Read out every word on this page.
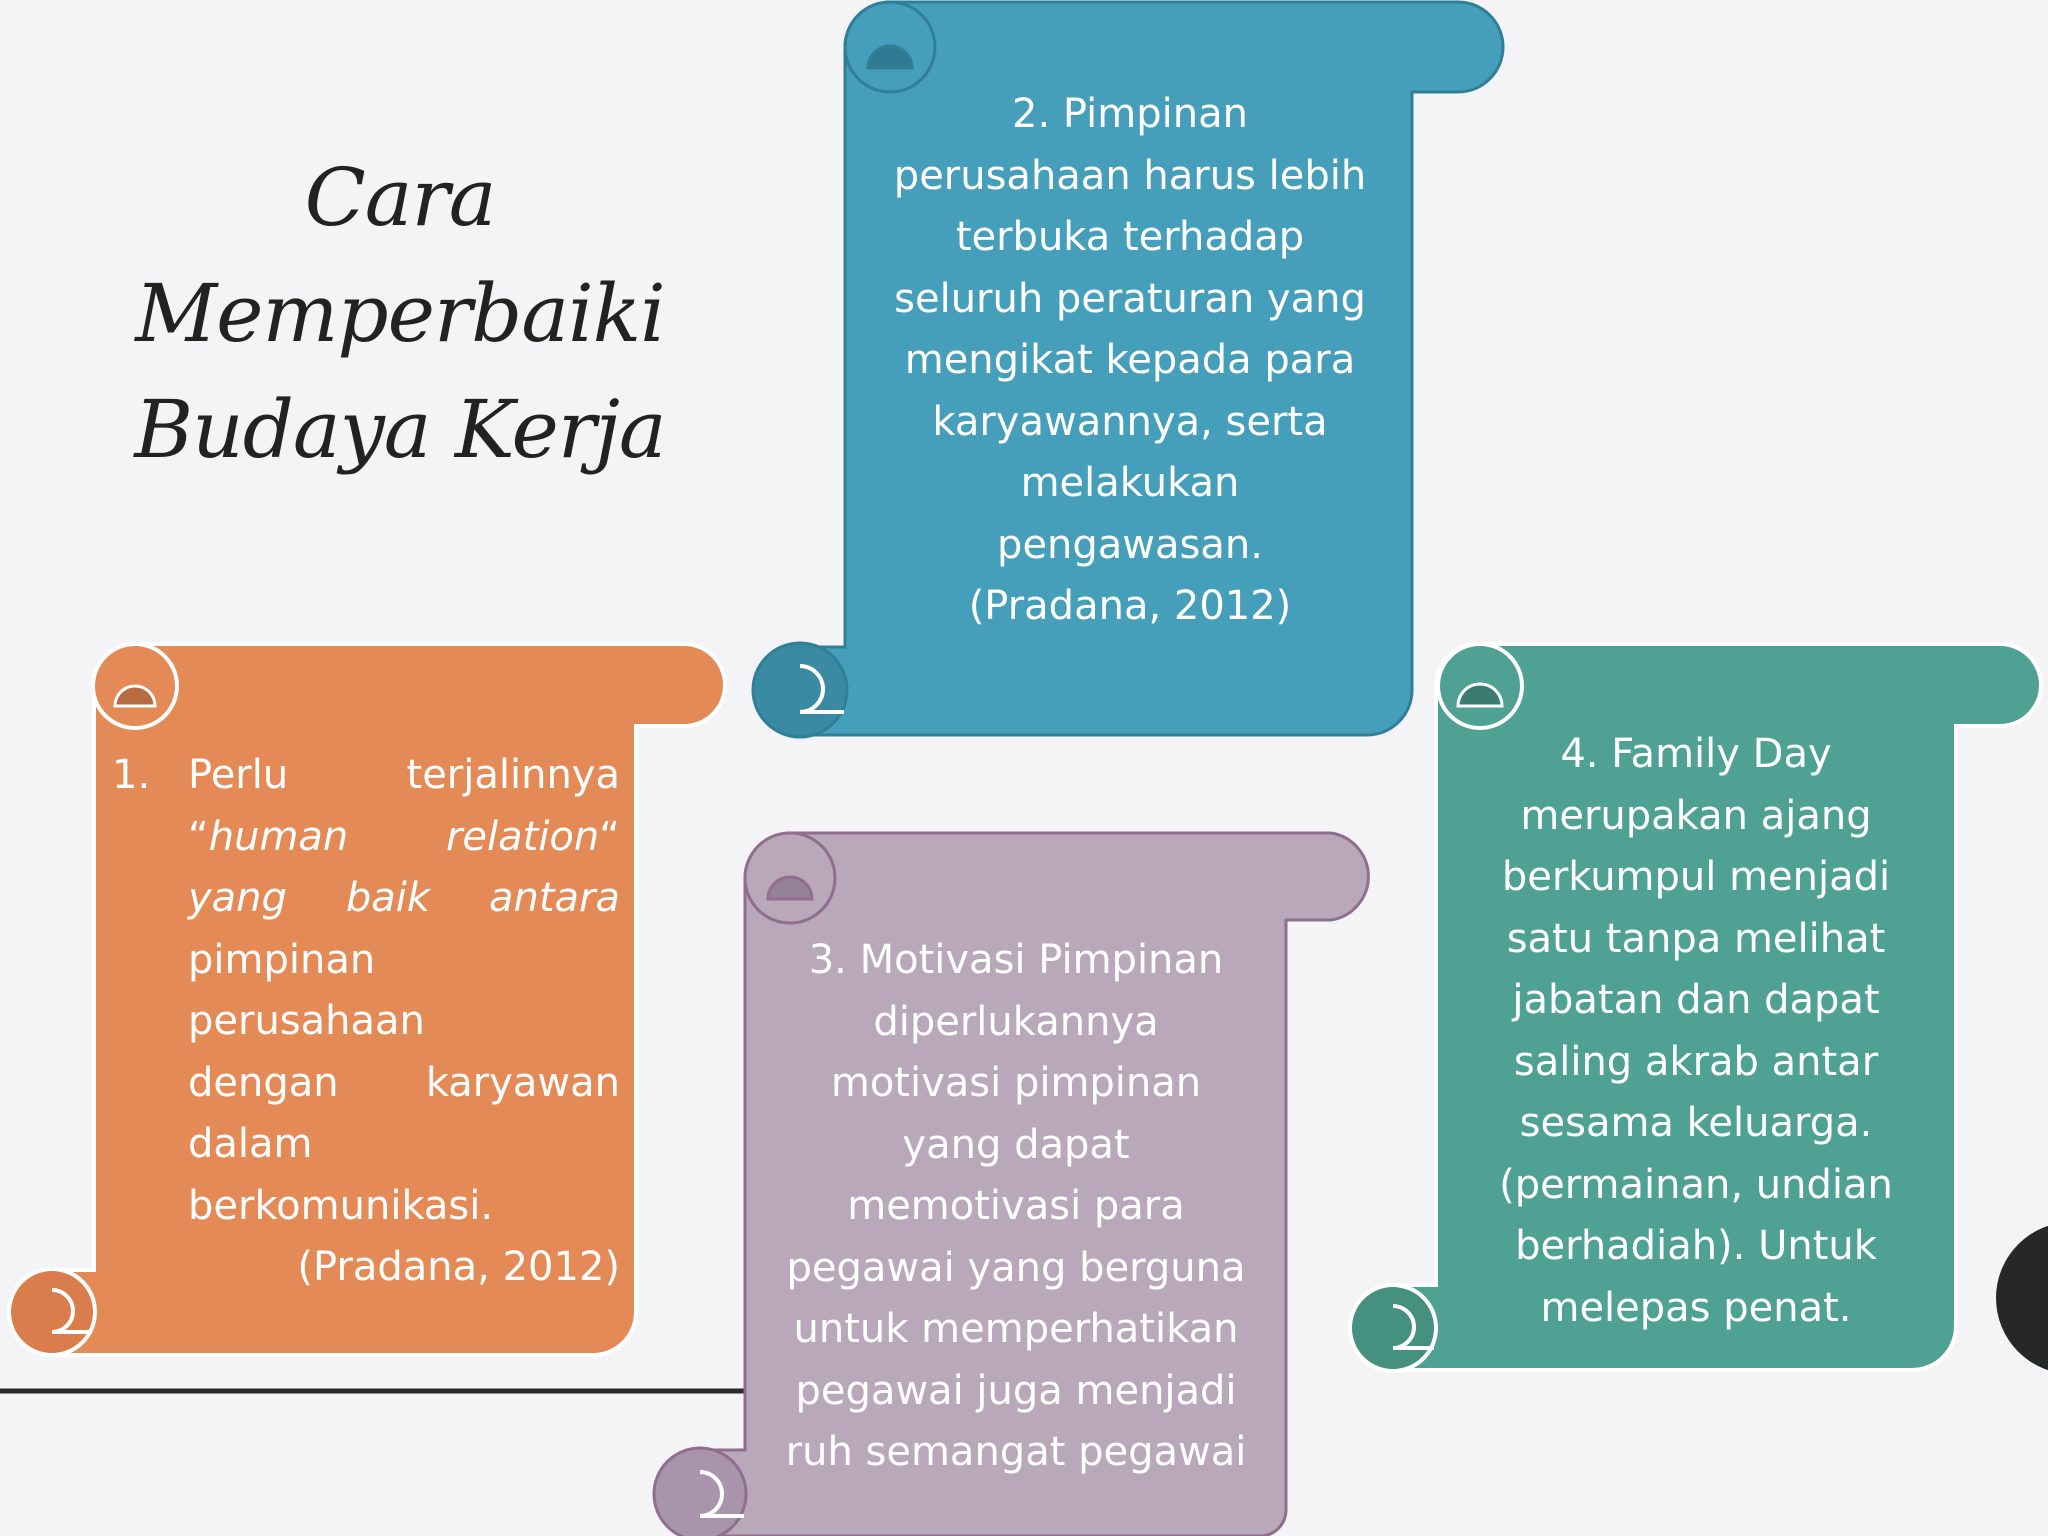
Cara Memperbaiki
Budaya Kerja
1. Perlu	terjalinnya
“human relation“
yang baik antara
pimpinan
perusahaan
dengan karyawan
dalam
berkomunikasi.
(Pradana, 2012)
2. Pimpinan
perusahaan harus lebih
terbuka terhadap
seluruh peraturan yang
mengikat kepada para
karyawannya, serta
melakukan
pengawasan.
(Pradana, 2012)
3. Motivasi Pimpinan
diperlukannya
motivasi pimpinan
yang dapat
memotivasi para
pegawai yang berguna
untuk memperhatikan
pegawai juga menjadi
ruh semangat pegawai
4. Family Day
merupakan ajang
berkumpul menjadi
satu tanpa melihat
jabatan dan dapat
saling akrab antar
sesama keluarga.
(permainan, undian
berhadiah). Untuk
melepas penat.
